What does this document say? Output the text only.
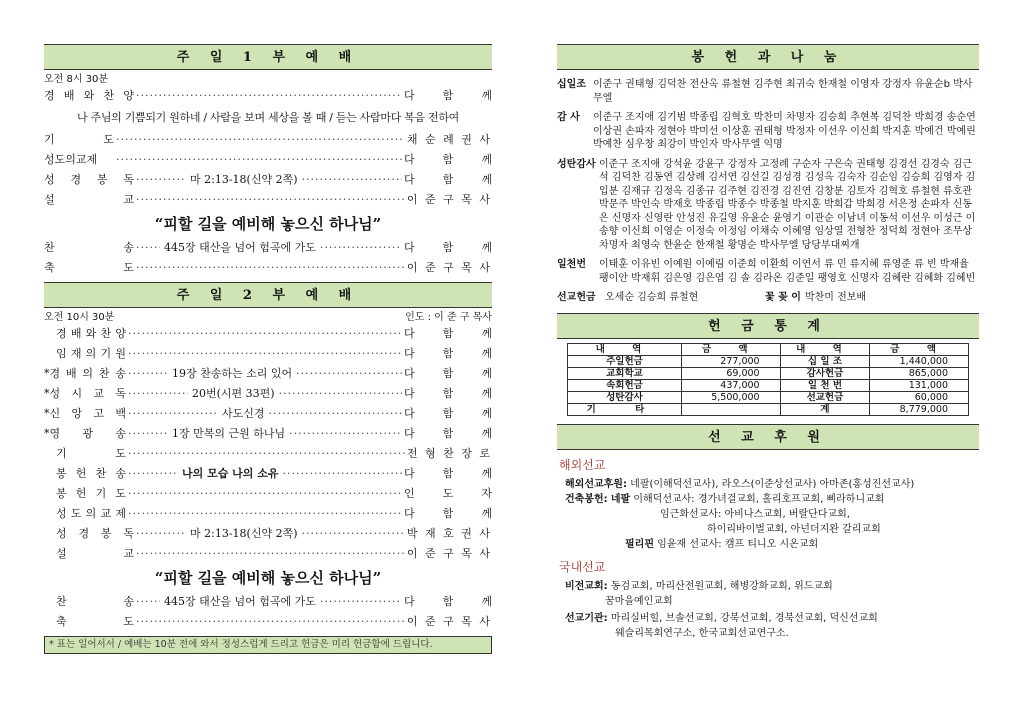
주 일 1 부 예 배
오전 8시 30분
경 배 와 찬 양 ·····	다	함	께
나 주님의 기쁨되기 원하네 / 사람을 보며 세상을 볼 때 / 듣는 사람마다 복음 전하여
기	도 ·····	채 순 례 권 사
성도의교제 ·····	다	함	께
성 경 봉 독 ·····	마 2:13-18(신약 2쪽) ·····	다	함	께
설	교 ·····	이 준 구 목 사
“피할 길을 예비해 놓으신 하나님”
찬	송 ·····	445장 태산을 넘어 험곡에 가도 ·····	다	함	께
축	도 ·····	이 준 구 목 사
주 일 2 부 예 배
오전 10시 30분	인도 : 이 준 구 목사
경 배 와 찬 양 ·····	다	함	께
임 재 의 기 원 ·····	다	함	께
*경 배 의 찬 송 ·····	19장 찬송하는 소리 있어 ·····	다	함	께
*성 시 교 독 ·····	20번(시편 33편) ·····	다	함	께
*신 앙 고 백 ·····	사도신경 ·····	다	함	께
*영 광 송 ·····	1장 만복의 근원 하나님 ·····	다	함	께
기	도 ·····	전 형 찬 장 로
봉 헌 찬 송 ·····	나의 모습 나의 소유 ·····	다	함	께
봉 헌 기 도 ·····	인	도	자
성 도 의 교 제 ·····	다	함	께
성 경 봉 독 ·····	마 2:13-18(신약 2쪽) ·····	박 재 호 권 사
설	교 ·····	이 준 구 목 사
“피할 길을 예비해 놓으신 하나님”
찬	송 ·····	445장 태산을 넘어 험곡에 가도 ·····	다	함	께
축	도 ·····	이 준 구 목 사
* 표는 일어서서 / 예배는 10분 전에 와서 정성스럽게 드리고 헌금은 미리 헌금함에 드립니다.
봉 헌 과 나 눔
십일조 이준구 권태형 김덕찬 전산옥 류철현 김주현 최귀숙 한재철 이영자 강정자 유윤순b 박사무엘
감 사	이준구 조지애 김기범 박종립 김혁호 박찬미 차명자 김승희 추현복 김덕찬 박희경 송순연 이상권 손파자 정현아 박미선 이상훈 권태형 박정자 이선우 이신희 박지훈 박예건 박예린 박예찬 심우창 최강이 박인자 박사무엘 익명
성탄감사 이준구 조지애 강석윤 강윤구 강정자 고정례 구순자 구은숙 권태형 김경선 김경숙 김근석 김덕찬 김동연 김상례 김서연 김선길 김성경 김성옥 김숙자 김순임 김승희 김영자 김입분 김재규 김정옥 김종규 김주현 김진경 김진연 김창분 김토자 김혁호 류철현 류호관 박문주 박인숙 박재호 박종립 박종수 박종철 박지훈 박희갑 박희경 서은정 손파자 신동은 신명자 신영란 안성진 유길영 유윤순 윤영기 이관순 이남녀 이동석 이선우 이성근 이송향 이신희 이영순 이정숙 이정임 이채숙 이혜영 임상열 전형찬 정덕희 정현아 조무상 차명자 최영숙 한윤순 한재철 황명순 박사무엘 당당부대찌개
일천번	이태훈 이유빈 이예원 이예림 이준희 이환희 이연서 류 민 류지혜 류영준 류 빈 박재율 팽이안 박재휘 김은영 김은엽 김 솔 김라온 김준일 팽영호 신명자 김혜란 김혜화 김혜빈
선교헌금 오세순 김승희 류철현	꽃 꽂 이 박찬미 전보배
헌 금 통 계
내 역	금 액	내 역	금 액
주일헌금	277,000	십 일 조	1,440,000
교회학교	69,000	감사헌금	865,000
속회헌금	437,000	일 천 번	131,000
성탄감사	5,500,000	선교헌금	60,000
기 타		계	8,779,000
선 교 후 원
해외선교
해외선교후원: 네팔(이해덕선교사), 라오스(이준상선교사) 아마존(홍성진선교사)
건축봉헌: 네팔 이해덕선교사: 경가녀걸교회, 홀리호프교회, 삐라하니교회
임근화선교사: 아비나스교회, 버랄단다교회,
하이리바이벌교회, 아넌더지완 갈리교회
필리핀 임윤재 선교사: 캠프 티니오 시온교회
국내선교
비전교회: 동검교회, 마리산전원교회, 해병강화교회, 위드교회
꿈마을예인교회
선교기관: 마리실버힐, 브솔선교회, 강북선교회, 경북선교회, 덕신선교회
웨슬리목회연구소, 한국교회선교연구소.
